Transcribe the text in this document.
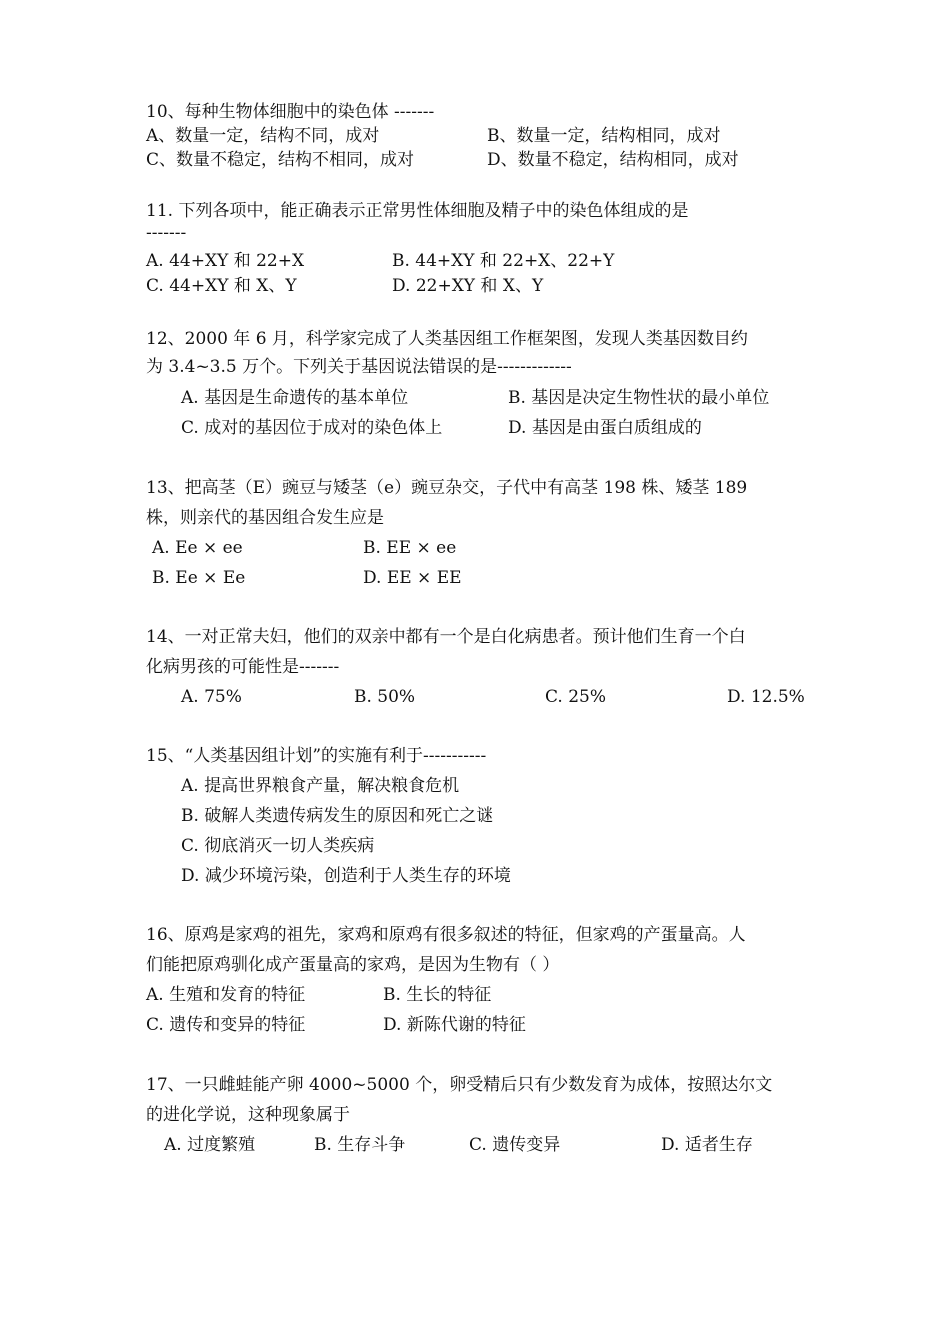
10、每种生物体细胞中的染色体 -------
A、数量一定，结构不同，成对	B、数量一定，结构相同，成对
C、数量不稳定，结构不相同，成对	D、数量不稳定，结构相同，成对
11. 下列各项中，能正确表示正常男性体细胞及精子中的染色体组成的是
-------
A. 44+XY 和 22+X	B. 44+XY 和 22+X、22+Y
C. 44+XY 和 X、Y	D. 22+XY 和 X、Y
12、2000 年 6 月，科学家完成了人类基因组工作框架图，发现人类基因数目约
为 3.4~3.5 万个。下列关于基因说法错误的是-------------
A. 基因是生命遗传的基本单位	B. 基因是决定生物性状的最小单位
C. 成对的基因位于成对的染色体上	D. 基因是由蛋白质组成的
13、把高茎（E）豌豆与矮茎（e）豌豆杂交，子代中有高茎 198 株、矮茎 189
株，则亲代的基因组合发生应是
A. Ee × ee	B. EE × ee
B. Ee × Ee	D. EE × EE
14、一对正常夫妇，他们的双亲中都有一个是白化病患者。预计他们生育一个白
化病男孩的可能性是-------
A. 75%	B. 50%	C. 25%	D. 12.5%
15、“人类基因组计划”的实施有利于-----------
A. 提高世界粮食产量，解决粮食危机
B. 破解人类遗传病发生的原因和死亡之谜
C. 彻底消灭一切人类疾病
D. 减少环境污染，创造利于人类生存的环境
16、原鸡是家鸡的祖先，家鸡和原鸡有很多叙述的特征，但家鸡的产蛋量高。人
们能把原鸡驯化成产蛋量高的家鸡，是因为生物有（ ）
A. 生殖和发育的特征	B. 生长的特征
C. 遗传和变异的特征	D. 新陈代谢的特征
17、一只雌蛙能产卵 4000~5000 个，卵受精后只有少数发育为成体，按照达尔文
的进化学说，这种现象属于
A. 过度繁殖	B. 生存斗争	C. 遗传变异	D. 适者生存
